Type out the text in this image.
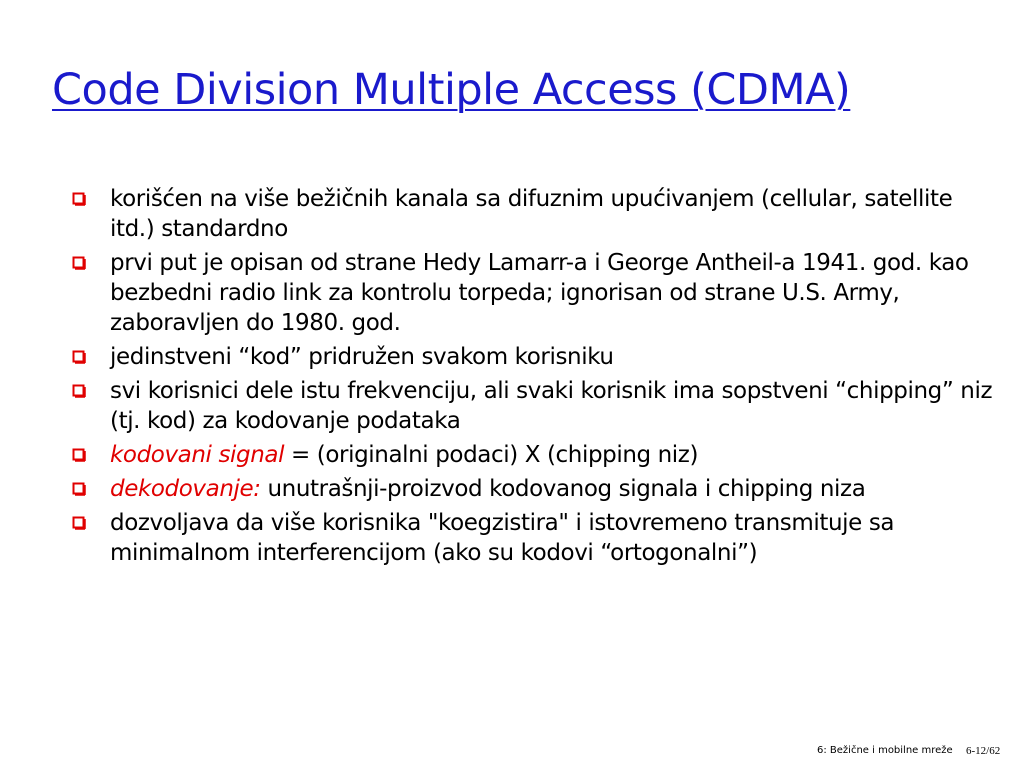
Code Division Multiple Access (CDMA)
korišćen na više bežičnih kanala sa difuznim upućivanjem (cellular, satellite itd.) standardno
prvi put je opisan od strane Hedy Lamarr-a i George Antheil-a 1941. god. kao bezbedni radio link za kontrolu torpeda; ignorisan od strane U.S. Army, zaboravljen do 1980. god.
jedinstveni “kod” pridružen svakom korisniku
svi korisnici dele istu frekvenciju, ali svaki korisnik ima sopstveni “chipping” niz (tj. kod) za kodovanje podataka
kodovani signal = (originalni podaci) X (chipping niz)
dekodovanje: unutrašnji-proizvod kodovanog signala i chipping niza
dozvoljava da više korisnika "koegzistira" i istovremeno transmituje sa minimalnom interferencijom (ako su kodovi “ortogonalni”)
6: Bežične i mobilne mreže 6-12/62
